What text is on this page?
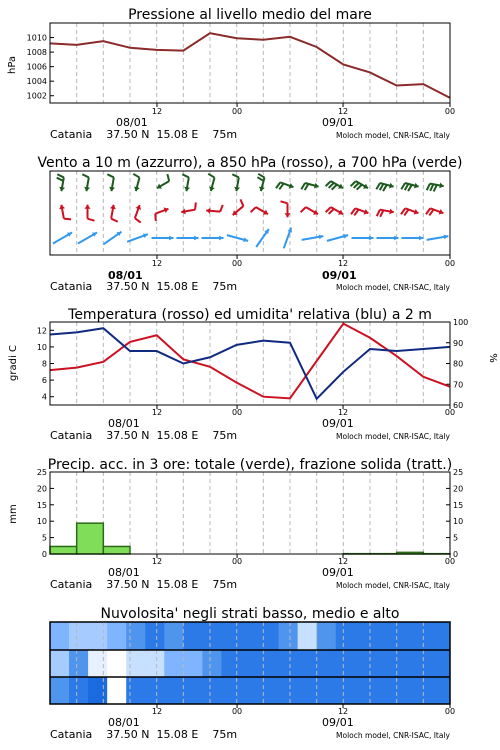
Pressione al livello medio del mare
hPa
1002
1004
1006
1008
1010
12	00	12	00
08/01	09/01
Catania    37.50 N  15.08 E    75m	Moloch model, CNR-ISAC, Italy
Vento a 10 m (azzurro), a 850 hPa (rosso), a 700 hPa (verde)
12	00	12	00
08/01	09/01
Catania    37.50 N  15.08 E    75m	Moloch model, CNR-ISAC, Italy
Temperatura (rosso) ed umidita' relativa (blu) a 2 m
gradi C	%
4
6
8
10
12
60
70
80
90
100
12	00	12	00
08/01	09/01
Catania    37.50 N  15.08 E    75m	Moloch model, CNR-ISAC, Italy
Precip. acc. in 3 ore: totale (verde), frazione solida (tratt.)
mm
0
5
10
15
20
25
0
5
10
15
20
25
12	00	12	00
08/01	09/01
Catania    37.50 N  15.08 E    75m	Moloch model, CNR-ISAC, Italy
Nuvolosita' negli strati basso, medio e alto
12	00	12	00
08/01	09/01
Catania    37.50 N  15.08 E    75m	Moloch model, CNR-ISAC, Italy
